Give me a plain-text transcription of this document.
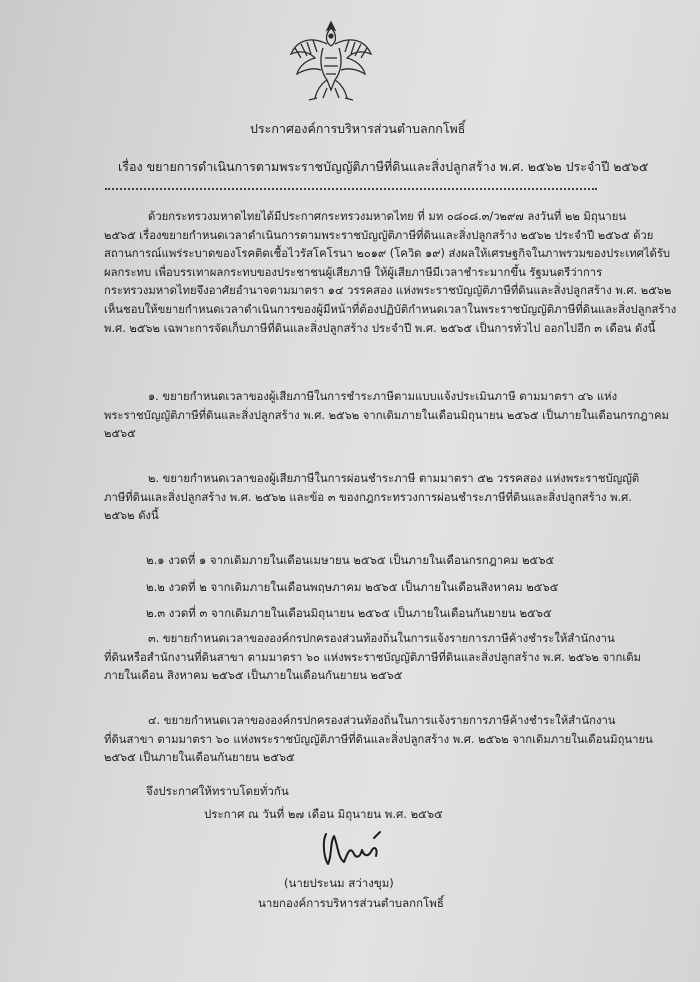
ประกาศองค์การบริหารส่วนตำบลกกโพธิ์
เรื่อง ขยายการดำเนินการตามพระราชบัญญัติภาษีที่ดินและสิ่งปลูกสร้าง พ.ศ. ๒๕๖๒ ประจำปี ๒๕๖๕
ด้วยกระทรวงมหาดไทยได้มีประกาศกระทรวงมหาดไทย ที่ มท ๐๘๐๘.๓/ว๒๙๗ ลงวันที่ ๒๒ มิถุนายน
๒๕๖๕ เรื่องขยายกำหนดเวลาดำเนินการตามพระราชบัญญัติภาษีที่ดินและสิ่งปลูกสร้าง ๒๕๖๒ ประจำปี ๒๕๖๕ ด้วย
สถานการณ์แพร่ระบาดของโรคติดเชื้อไวรัสโคโรนา ๒๐๑๙ (โควิด ๑๙) ส่งผลให้เศรษฐกิจในภาพรวมของประเทศได้รับ
ผลกระทบ เพื่อบรรเทาผลกระทบของประชาชนผู้เสียภาษี ให้ผู้เสียภาษีมีเวลาชำระมากขึ้น รัฐมนตรีว่าการ
กระทรวงมหาดไทยจึงอาศัยอำนาจตามมาตรา ๑๔ วรรคสอง แห่งพระราชบัญญัติภาษีที่ดินและสิ่งปลูกสร้าง พ.ศ. ๒๕๖๒
เห็นชอบให้ขยายกำหนดเวลาดำเนินการของผู้มีหน้าที่ต้องปฏิบัติกำหนดเวลาในพระราชบัญญัติภาษีที่ดินและสิ่งปลูกสร้าง
พ.ศ. ๒๕๖๒ เฉพาะการจัดเก็บภาษีที่ดินและสิ่งปลูกสร้าง ประจำปี พ.ศ. ๒๕๖๕ เป็นการทั่วไป ออกไปอีก ๓ เดือน ดังนี้
๑. ขยายกำหนดเวลาของผู้เสียภาษีในการชำระภาษีตามแบบแจ้งประเมินภาษี ตามมาตรา ๔๖ แห่ง
พระราชบัญญัติภาษีที่ดินและสิ่งปลูกสร้าง พ.ศ. ๒๕๖๒ จากเดิมภายในเดือนมิถุนายน ๒๕๖๕ เป็นภายในเดือนกรกฎาคม
๒๕๖๕
๒. ขยายกำหนดเวลาของผู้เสียภาษีในการผ่อนชำระภาษี ตามมาตรา ๕๒ วรรคสอง แห่งพระราชบัญญัติ
ภาษีที่ดินและสิ่งปลูกสร้าง พ.ศ. ๒๕๖๒ และข้อ ๓ ของกฎกระทรวงการผ่อนชำระภาษีที่ดินและสิ่งปลูกสร้าง พ.ศ.
๒๕๖๒ ดังนี้
๒.๑ งวดที่ ๑ จากเดิมภายในเดือนเมษายน ๒๕๖๕ เป็นภายในเดือนกรกฎาคม ๒๕๖๕
๒.๒ งวดที่ ๒ จากเดิมภายในเดือนพฤษภาคม ๒๕๖๕ เป็นภายในเดือนสิงหาคม ๒๕๖๕
๒.๓ งวดที่ ๓ จากเดิมภายในเดือนมิถุนายน ๒๕๖๕ เป็นภายในเดือนกันยายน ๒๕๖๕
๓. ขยายกำหนดเวลาขององค์กรปกครองส่วนท้องถิ่นในการแจ้งรายการภาษีค้างชำระให้สำนักงาน
ที่ดินหรือสำนักงานที่ดินสาขา ตามมาตรา ๖๐ แห่งพระราชบัญญัติภาษีที่ดินและสิ่งปลูกสร้าง พ.ศ. ๒๕๖๒ จากเดิม
ภายในเดือน สิงหาคม ๒๕๖๕ เป็นภายในเดือนกันยายน ๒๕๖๕
๔. ขยายกำหนดเวลาขององค์กรปกครองส่วนท้องถิ่นในการแจ้งรายการภาษีค้างชำระให้สำนักงาน
ที่ดินสาขา ตามมาตรา ๖๐ แห่งพระราชบัญญัติภาษีที่ดินและสิ่งปลูกสร้าง พ.ศ. ๒๕๖๒ จากเดิมภายในเดือนมิถุนายน
๒๕๖๕ เป็นภายในเดือนกันยายน ๒๕๖๕
จึงประกาศให้ทราบโดยทั่วกัน
ประกาศ ณ วันที่ ๒๗ เดือน มิถุนายน พ.ศ. ๒๕๖๕
(นายประนม สว่างขุม)
นายกองค์การบริหารส่วนตำบลกกโพธิ์
